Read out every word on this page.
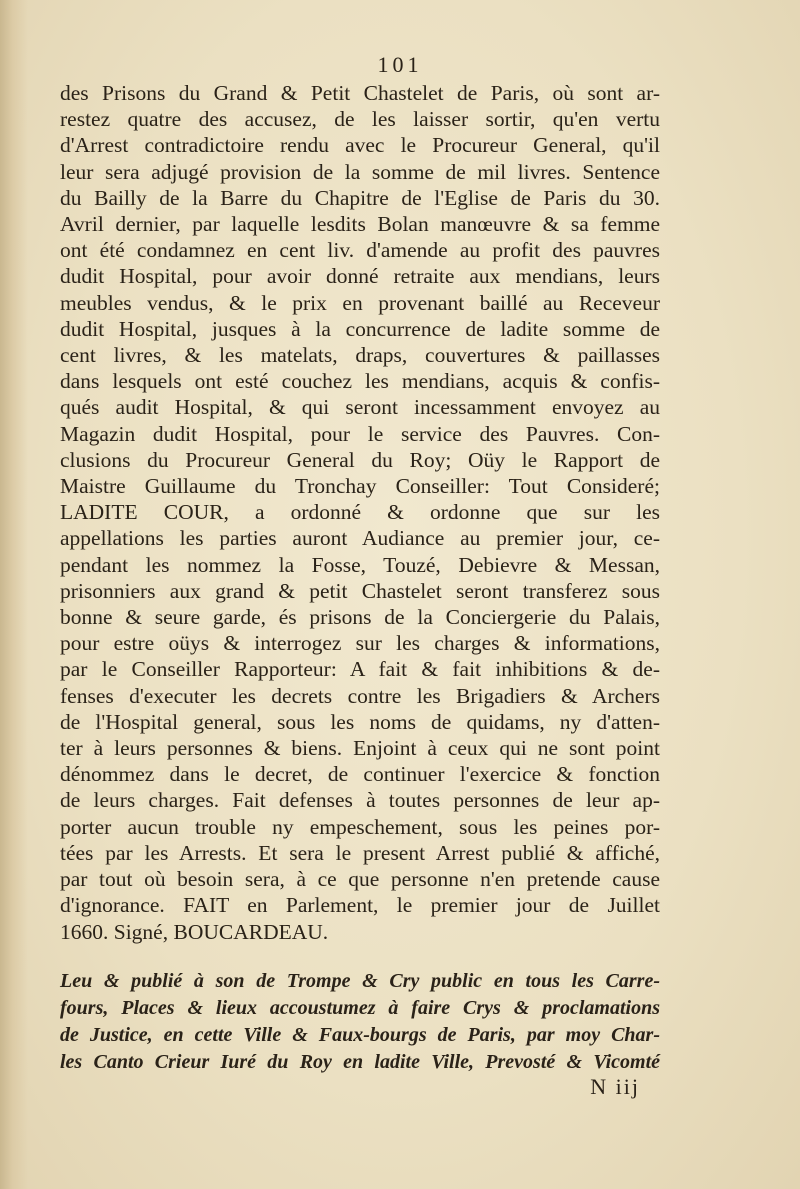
101
des Prisons du Grand & Petit Chastelet de Paris, où sont ar-
restez quatre des accusez, de les laisser sortir, qu'en vertu
d'Arrest contradictoire rendu avec le Procureur General, qu'il
leur sera adjugé provision de la somme de mil livres. Sentence
du Bailly de la Barre du Chapitre de l'Eglise de Paris du 30.
Avril dernier, par laquelle lesdits Bolan manœuvre & sa femme
ont été condamnez en cent liv. d'amende au profit des pauvres
dudit Hospital, pour avoir donné retraite aux mendians, leurs
meubles vendus, & le prix en provenant baillé au Receveur
dudit Hospital, jusques à la concurrence de ladite somme de
cent livres, & les matelats, draps, couvertures & paillasses
dans lesquels ont esté couchez les mendians, acquis & confis-
qués audit Hospital, & qui seront incessamment envoyez au
Magazin dudit Hospital, pour le service des Pauvres. Con-
clusions du Procureur General du Roy; Oüy le Rapport de
Maistre Guillaume du Tronchay Conseiller: Tout Consideré;
LADITE COUR, a ordonné & ordonne que sur les
appellations les parties auront Audiance au premier jour, ce-
pendant les nommez la Fosse, Touzé, Debievre & Messan,
prisonniers aux grand & petit Chastelet seront transferez sous
bonne & seure garde, és prisons de la Conciergerie du Palais,
pour estre oüys & interrogez sur les charges & informations,
par le Conseiller Rapporteur: A fait & fait inhibitions & de-
fenses d'executer les decrets contre les Brigadiers & Archers
de l'Hospital general, sous les noms de quidams, ny d'atten-
ter à leurs personnes & biens. Enjoint à ceux qui ne sont point
dénommez dans le decret, de continuer l'exercice & fonction
de leurs charges. Fait defenses à toutes personnes de leur ap-
porter aucun trouble ny empeschement, sous les peines por-
tées par les Arrests. Et sera le present Arrest publié & affiché,
par tout où besoin sera, à ce que personne n'en pretende cause
d'ignorance. FAIT en Parlement, le premier jour de Juillet
1660. Signé, BOUCARDEAU.
Leu & publié à son de Trompe & Cry public en tous les Carre-
fours, Places & lieux accoustumez à faire Crys & proclamations
de Justice, en cette Ville & Faux-bourgs de Paris, par moy Char-
les Canto Crieur Iuré du Roy en ladite Ville, Prevosté & Vicomté
N iij
